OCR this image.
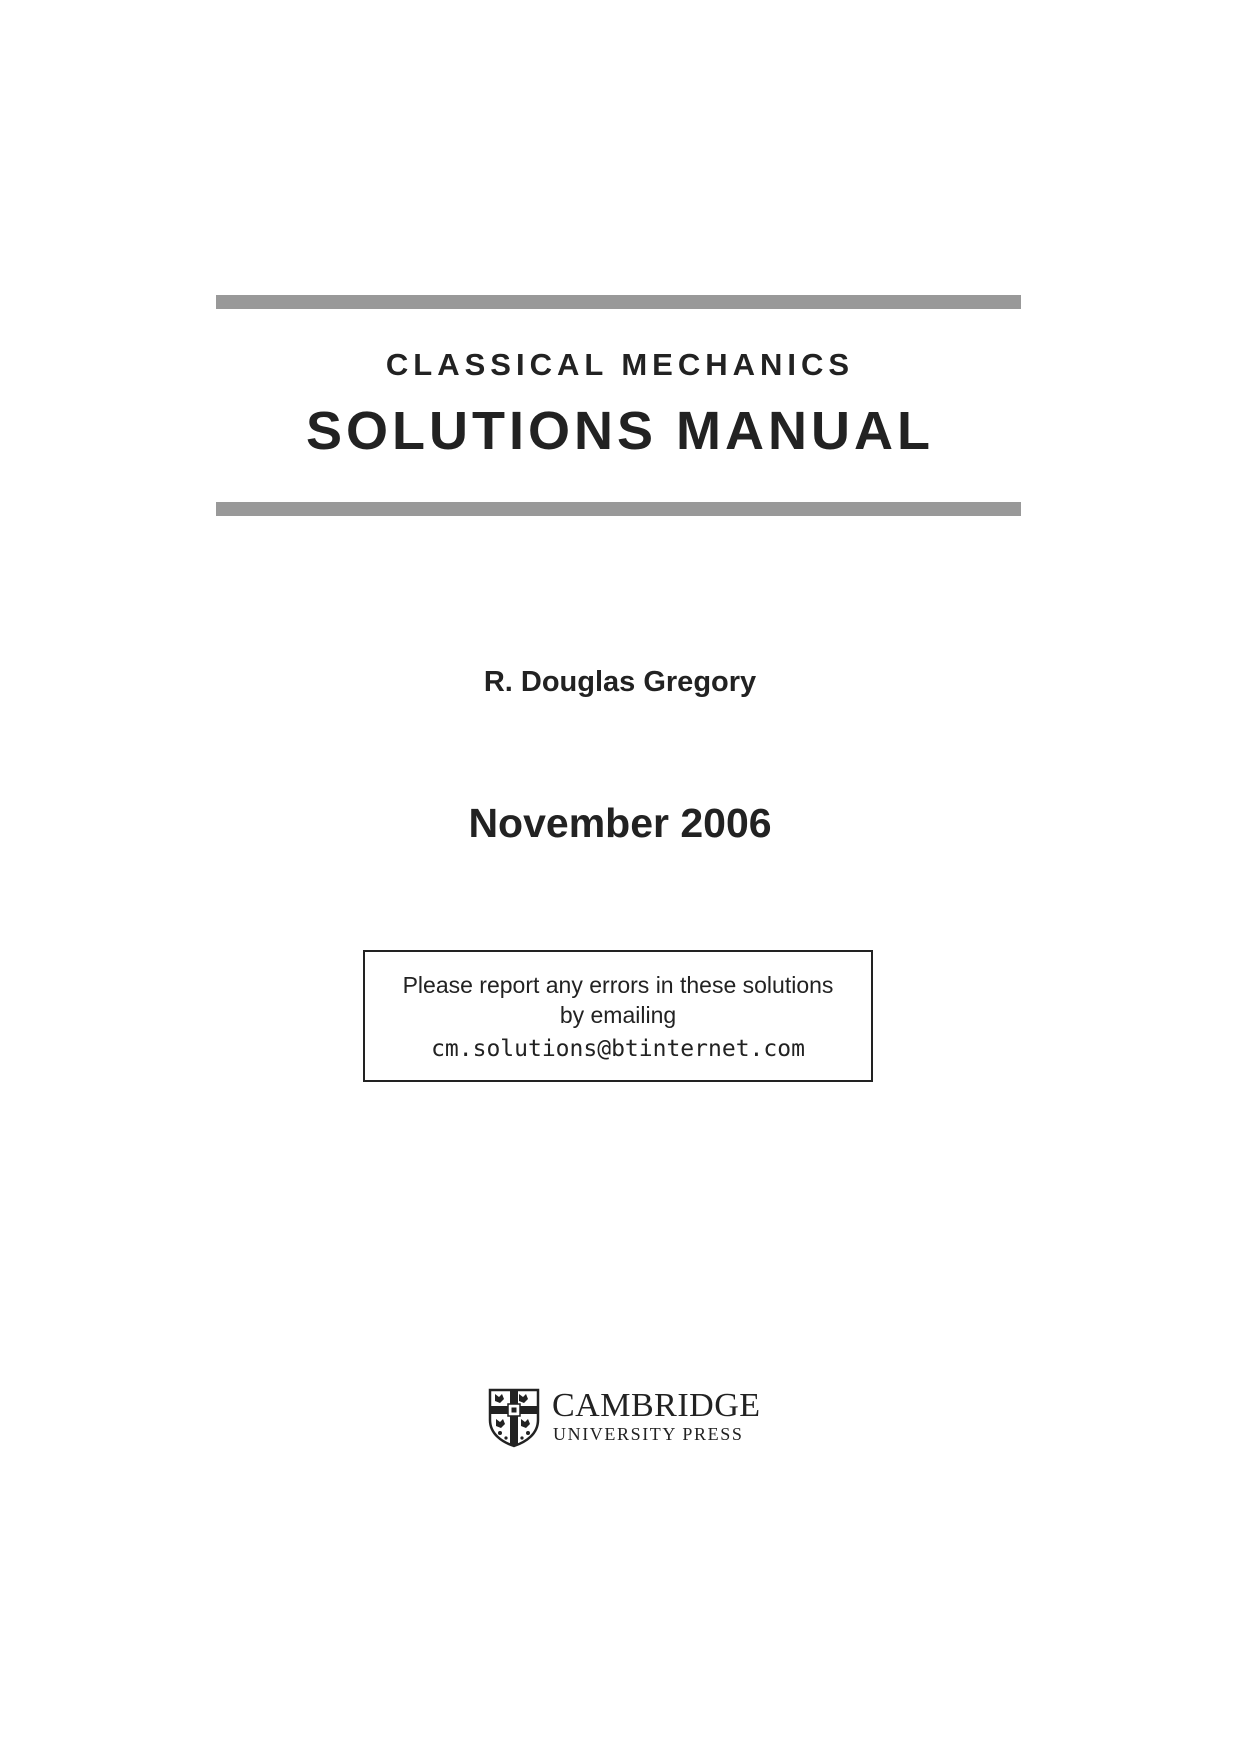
CLASSICAL MECHANICS
SOLUTIONS MANUAL
R. Douglas Gregory
November 2006
Please report any errors in these solutions
by emailing
cm.solutions@btinternet.com
CAMBRIDGE
UNIVERSITY PRESS
